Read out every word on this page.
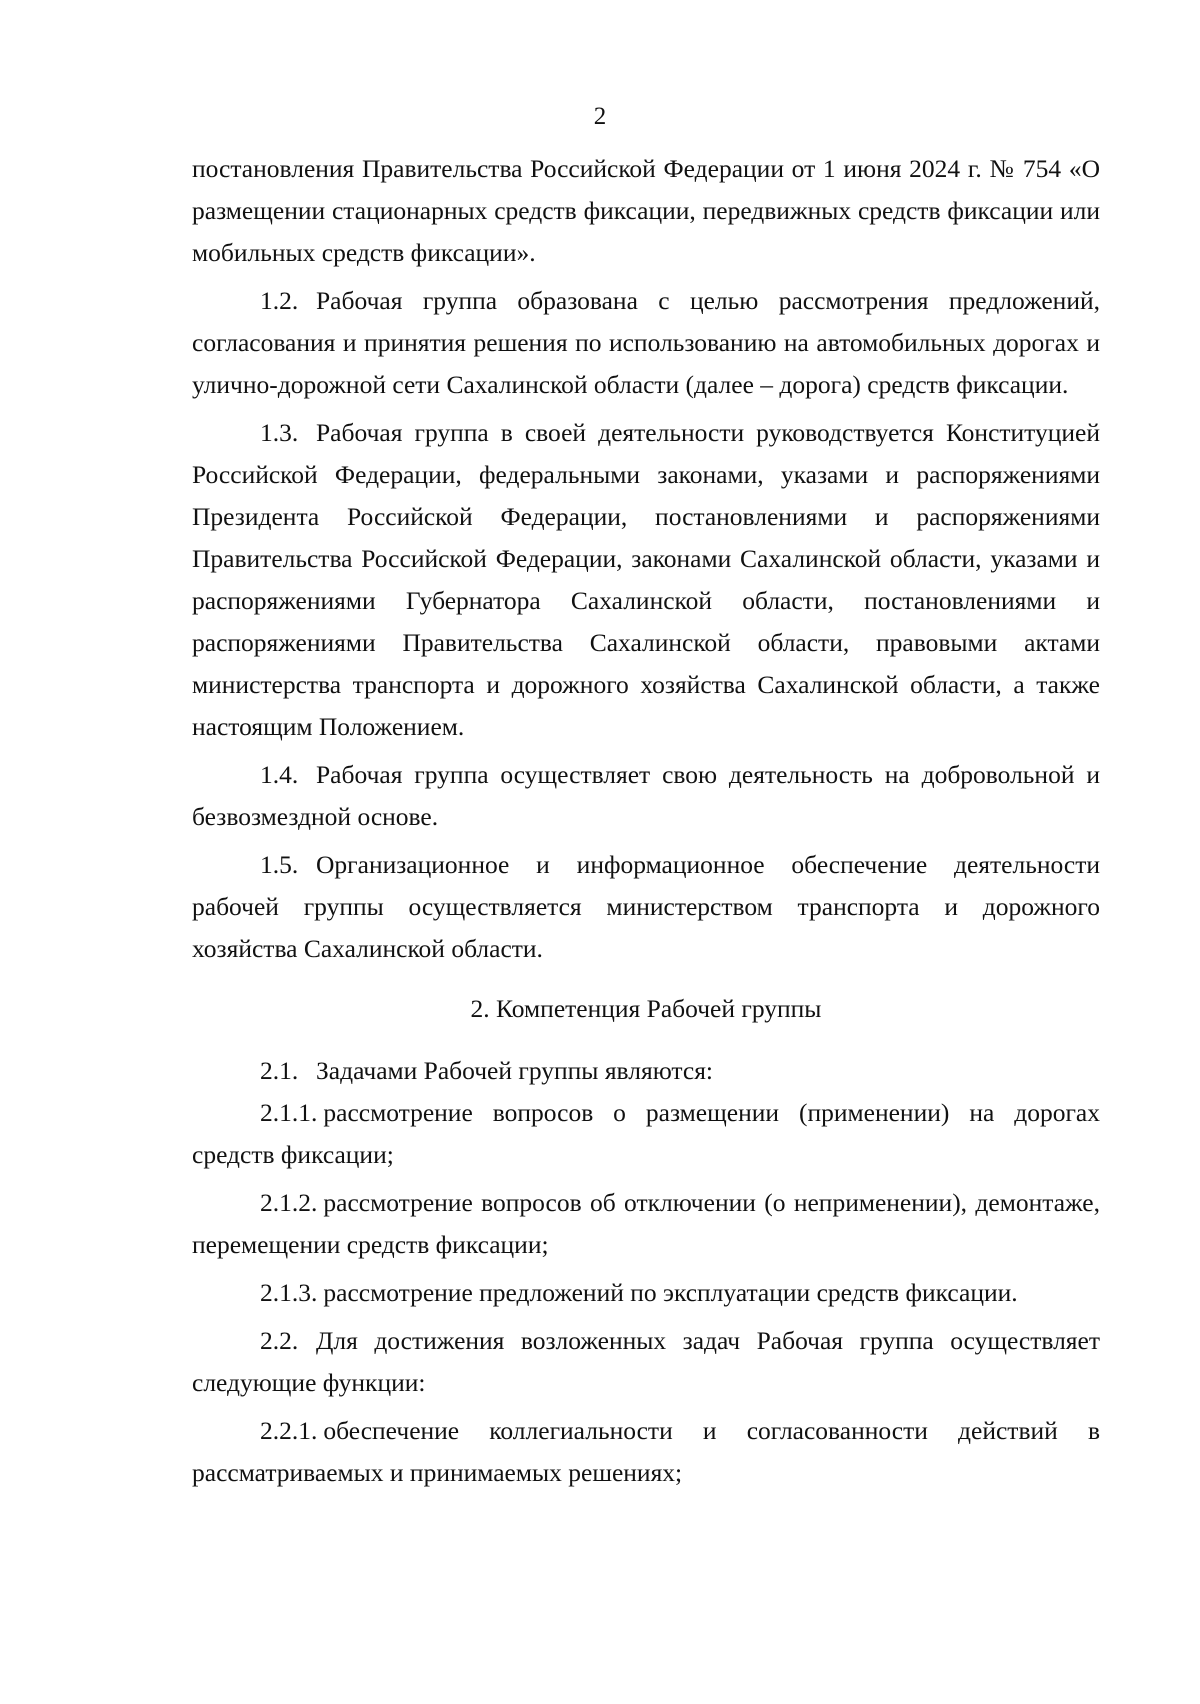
2

постановления Правительства Российской Федерации от 1 июня 2024 г. № 754 «О размещении стационарных средств фиксации, передвижных средств фиксации или мобильных средств фиксации».

1.2. Рабочая группа образована с целью рассмотрения предложений, согласования и принятия решения по использованию на автомобильных дорогах и улично-дорожной сети Сахалинской области (далее – дорога) средств фиксации.

1.3. Рабочая группа в своей деятельности руководствуется Конституцией Российской Федерации, федеральными законами, указами и распоряжениями Президента Российской Федерации, постановлениями и распоряжениями Правительства Российской Федерации, законами Сахалинской области, указами и распоряжениями Губернатора Сахалинской области, постановлениями и распоряжениями Правительства Сахалинской области, правовыми актами министерства транспорта и дорожного хозяйства Сахалинской области, а также настоящим Положением.

1.4. Рабочая группа осуществляет свою деятельность на добровольной и безвозмездной основе.

1.5. Организационное и информационное обеспечение деятельности рабочей группы осуществляется министерством транспорта и дорожного хозяйства Сахалинской области.

2. Компетенция Рабочей группы

2.1. Задачами Рабочей группы являются:

2.1.1. рассмотрение вопросов о размещении (применении) на дорогах средств фиксации;

2.1.2. рассмотрение вопросов об отключении (о неприменении), демонтаже, перемещении средств фиксации;

2.1.3. рассмотрение предложений по эксплуатации средств фиксации.

2.2. Для достижения возложенных задач Рабочая группа осуществляет следующие функции:

2.2.1. обеспечение коллегиальности и согласованности действий в рассматриваемых и принимаемых решениях;
